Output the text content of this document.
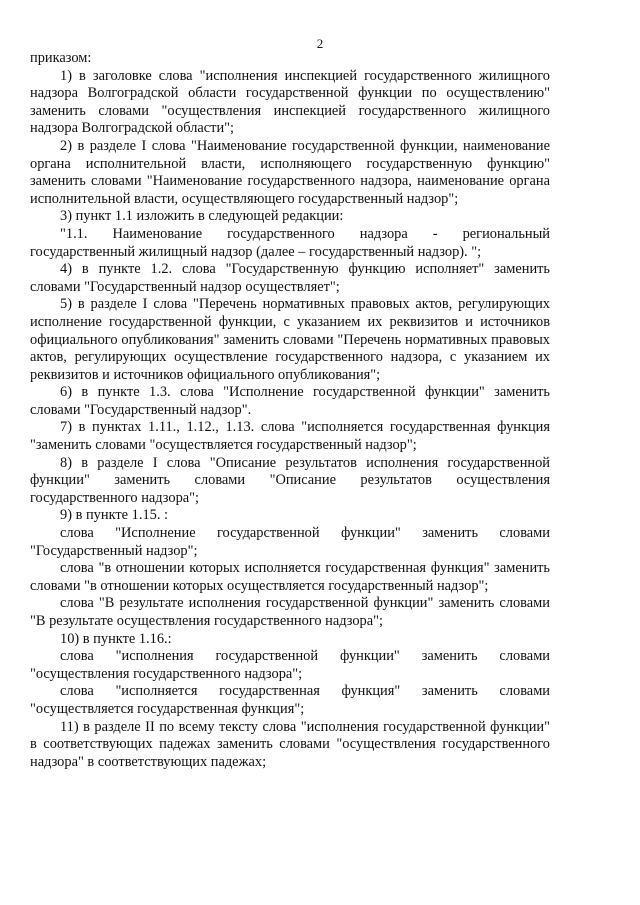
2

приказом:

1) в заголовке слова "исполнения инспекцией государственного жилищного надзора Волгоградской области государственной функции по осуществлению" заменить словами "осуществления инспекцией государственного жилищного надзора Волгоградской области";

2) в разделе I слова "Наименование государственной функции, наименование органа исполнительной власти, исполняющего государственную функцию" заменить словами "Наименование государственного надзора, наименование органа исполнительной власти, осуществляющего государственный надзор";

3) пункт 1.1 изложить в следующей редакции:

"1.1. Наименование государственного надзора - региональный государственный жилищный надзор (далее – государственный надзор). ";

4) в пункте 1.2. слова "Государственную функцию исполняет" заменить словами "Государственный надзор осуществляет";

5) в разделе I слова "Перечень нормативных правовых актов, регулирующих исполнение государственной функции, с указанием их реквизитов и источников официального опубликования" заменить словами "Перечень нормативных правовых актов, регулирующих осуществление государственного надзора, с указанием их реквизитов и источников официального опубликования";

6) в пункте 1.3. слова "Исполнение государственной функции" заменить словами "Государственный надзор".

7) в пунктах 1.11., 1.12., 1.13. слова "исполняется государственная функция "заменить словами "осуществляется государственный надзор";

8) в разделе I слова "Описание результатов исполнения государственной функции" заменить словами "Описание результатов осуществления государственного надзора";

9) в пункте 1.15. :

слова "Исполнение государственной функции" заменить словами "Государственный надзор";

слова "в отношении которых исполняется государственная функция" заменить словами "в отношении которых осуществляется государственный надзор";

слова "В результате исполнения государственной функции" заменить словами "В результате осуществления государственного надзора";

10) в пункте 1.16.:

слова "исполнения государственной функции" заменить словами "осуществления государственного надзора";

слова "исполняется государственная функция" заменить словами "осуществляется государственная функция";

11) в разделе II по всему тексту слова "исполнения государственной функции" в соответствующих падежах заменить словами "осуществления государственного надзора" в соответствующих падежах;
